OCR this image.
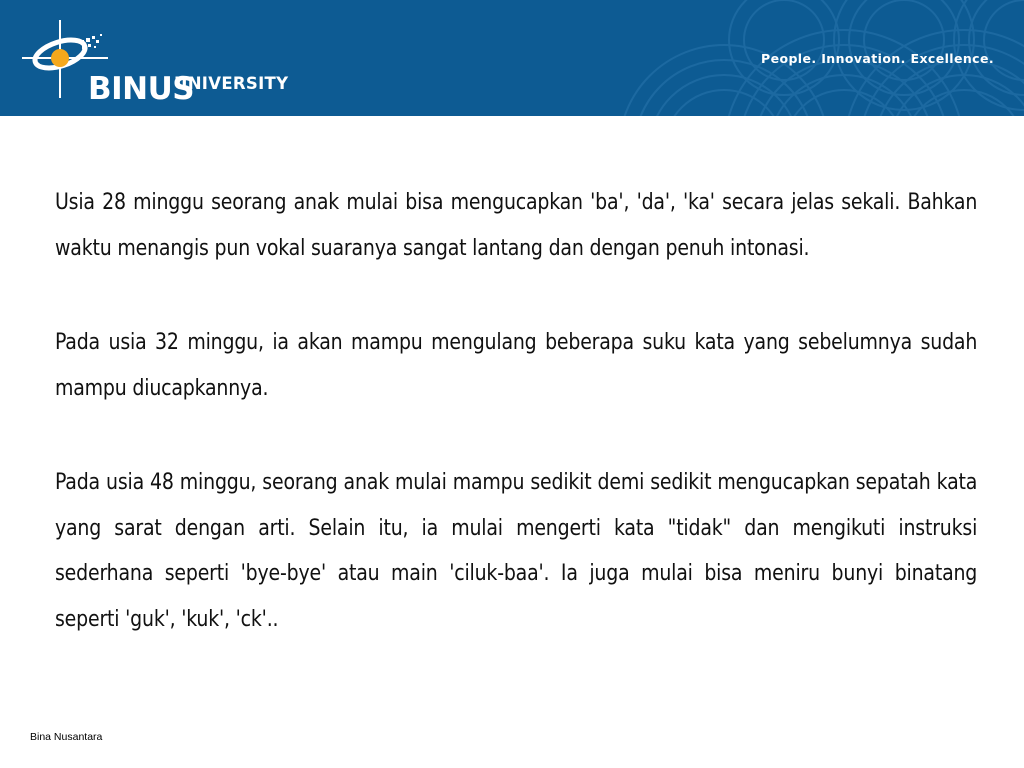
BINUS
UNIVERSITY
People. Innovation. Excellence.

Usia 28 minggu seorang anak mulai bisa mengucapkan 'ba', 'da', 'ka' secara jelas sekali. Bahkan waktu menangis pun vokal suaranya sangat lantang dan dengan penuh intonasi.

Pada usia 32 minggu, ia akan mampu mengulang beberapa suku kata yang sebelumnya sudah mampu diucapkannya.

Pada usia 48 minggu, seorang anak mulai mampu sedikit demi sedikit mengucapkan sepatah kata yang sarat dengan arti. Selain itu, ia mulai mengerti kata "tidak" dan mengikuti instruksi sederhana seperti 'bye-bye' atau main 'ciluk-baa'. Ia juga mulai bisa meniru bunyi binatang seperti 'guk', 'kuk', 'ck'..

Bina Nusantara
